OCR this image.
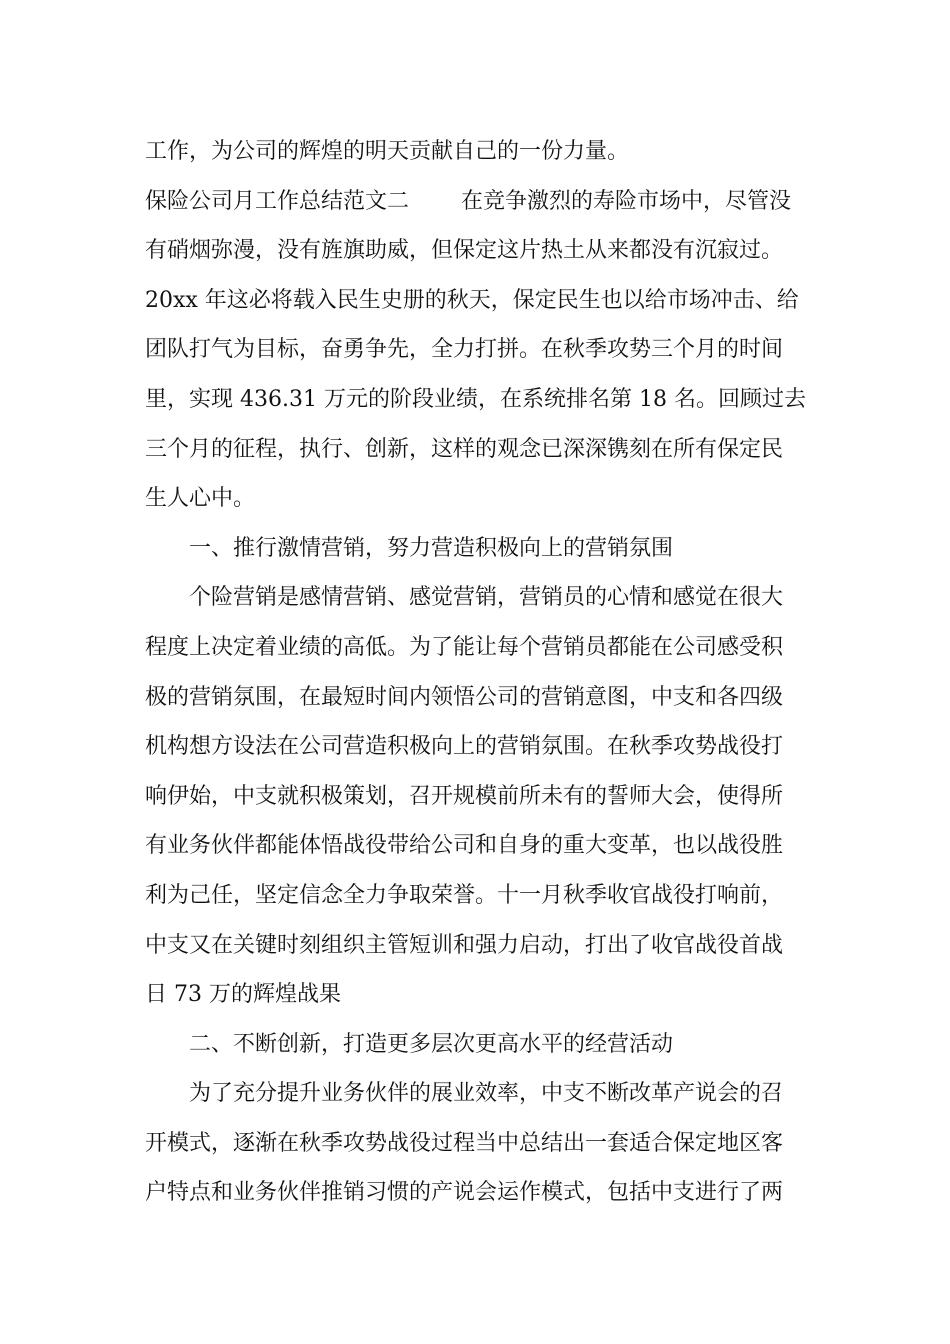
工作，为公司的辉煌的明天贡献自己的一份力量。
保险公司月工作总结范文二 在竞争激烈的寿险市场中，尽管没
有硝烟弥漫，没有旌旗助威，但保定这片热土从来都没有沉寂过。
20xx 年这必将载入民生史册的秋天，保定民生也以给市场冲击、给
团队打气为目标，奋勇争先，全力打拼。在秋季攻势三个月的时间
里，实现 436.31 万元的阶段业绩，在系统排名第 18 名。回顾过去
三个月的征程，执行、创新，这样的观念已深深镌刻在所有保定民
生人心中。
一、推行激情营销，努力营造积极向上的营销氛围
个险营销是感情营销、感觉营销，营销员的心情和感觉在很大
程度上决定着业绩的高低。为了能让每个营销员都能在公司感受积
极的营销氛围，在最短时间内领悟公司的营销意图，中支和各四级
机构想方设法在公司营造积极向上的营销氛围。在秋季攻势战役打
响伊始，中支就积极策划，召开规模前所未有的誓师大会，使得所
有业务伙伴都能体悟战役带给公司和自身的重大变革，也以战役胜
利为己任，坚定信念全力争取荣誉。十一月秋季收官战役打响前，
中支又在关键时刻组织主管短训和强力启动，打出了收官战役首战
日 73 万的辉煌战果
二、不断创新，打造更多层次更高水平的经营活动
为了充分提升业务伙伴的展业效率，中支不断改革产说会的召
开模式，逐渐在秋季攻势战役过程当中总结出一套适合保定地区客
户特点和业务伙伴推销习惯的产说会运作模式，包括中支进行了两
